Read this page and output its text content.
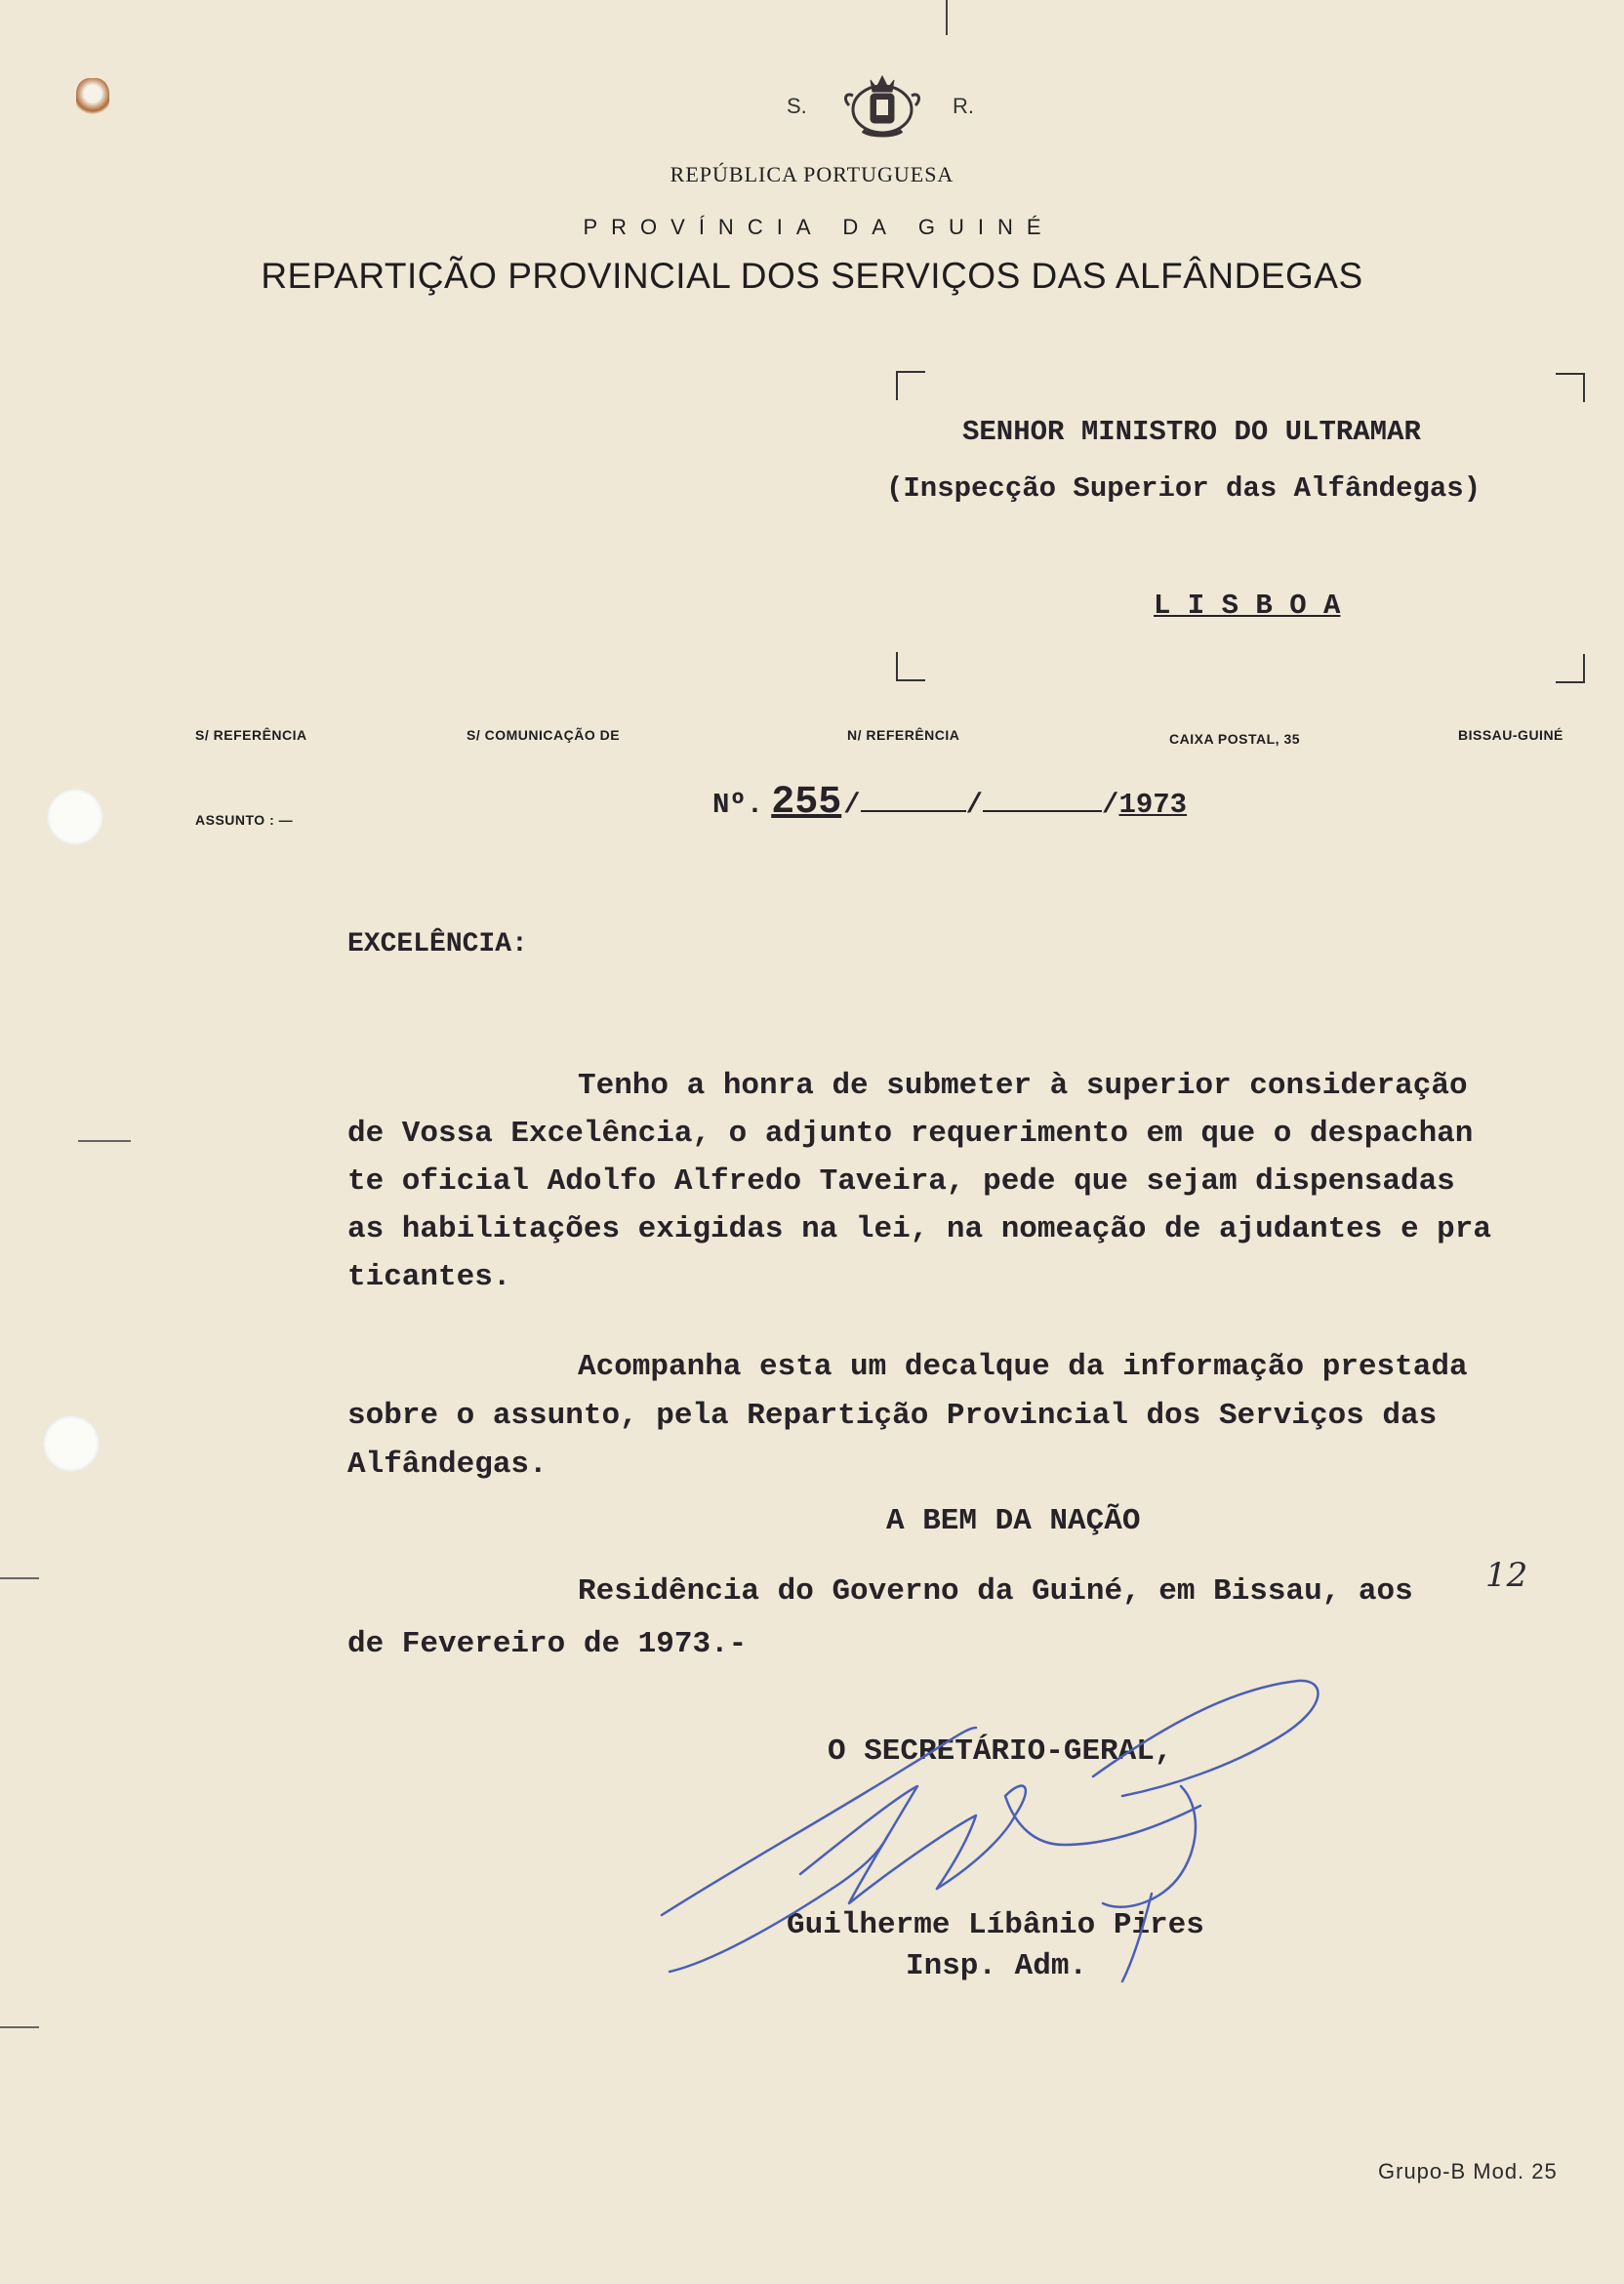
S.	R.
REPÚBLICA PORTUGUESA
PROVÍNCIA DA GUINÉ
REPARTIÇÃO PROVINCIAL DOS SERVIÇOS DAS ALFÂNDEGAS
SENHOR MINISTRO DO ULTRAMAR
(Inspecção Superior das Alfândegas)
L I S B O A
S/ REFERÊNCIA	S/ COMUNICAÇÃO DE	N/ REFERÊNCIA	CAIXA POSTAL, 35	BISSAU-GUINÉ
ASSUNTO : —	Nº. 255 /	/	/ 1973
EXCELÊNCIA:
Tenho a honra de submeter à superior consideração
de Vossa Excelência, o adjunto requerimento em que o despachan
te oficial Adolfo Alfredo Taveira, pede que sejam dispensadas
as habilitações exigidas na lei, na nomeação de ajudantes e pra
ticantes.
Acompanha esta um decalque da informação prestada
sobre o assunto, pela Repartição Provincial dos Serviços das
Alfândegas.
A BEM DA NAÇÃO
Residência do Governo da Guiné, em Bissau, aos 12
de Fevereiro de 1973.-
O SECRETÁRIO-GERAL,
Guilherme Líbânio Pires
Insp. Adm.
Grupo-B Mod. 25
